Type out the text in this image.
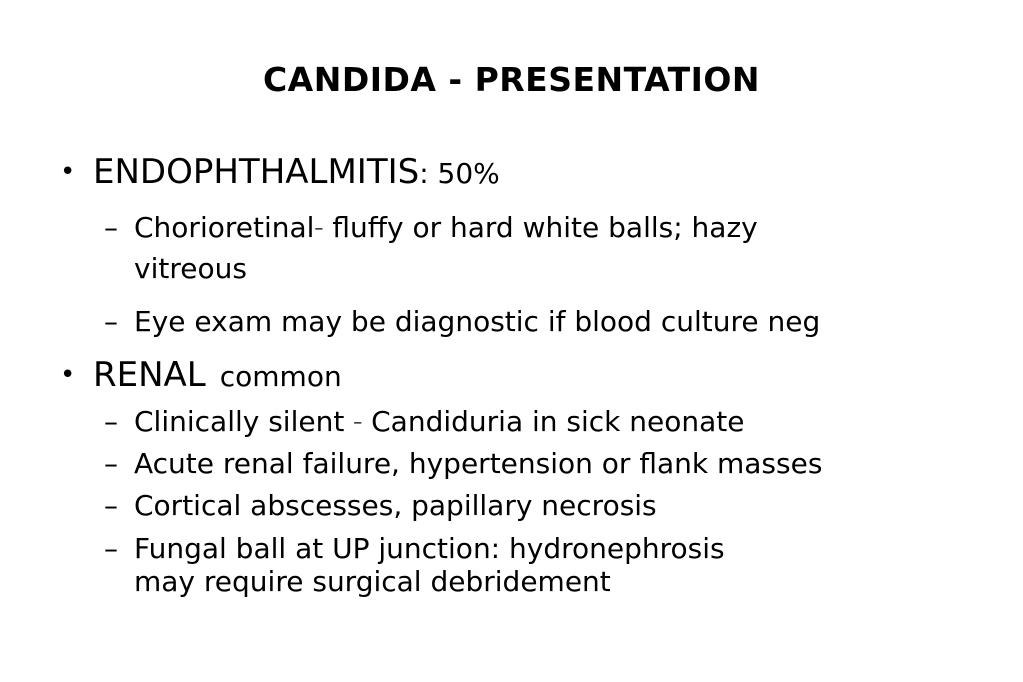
CANDIDA - PRESENTATION
• ENDOPHTHALMITIS: 50%
– Chorioretinal– fluffy or hard white balls; hazy
vitreous
– Eye exam may be diagnostic if blood culture neg
• RENAL common
– Clinically silent – Candiduria in sick neonate
– Acute renal failure, hypertension or flank masses
– Cortical abscesses, papillary necrosis
– Fungal ball at UP junction: hydronephrosis
may require surgical debridement
